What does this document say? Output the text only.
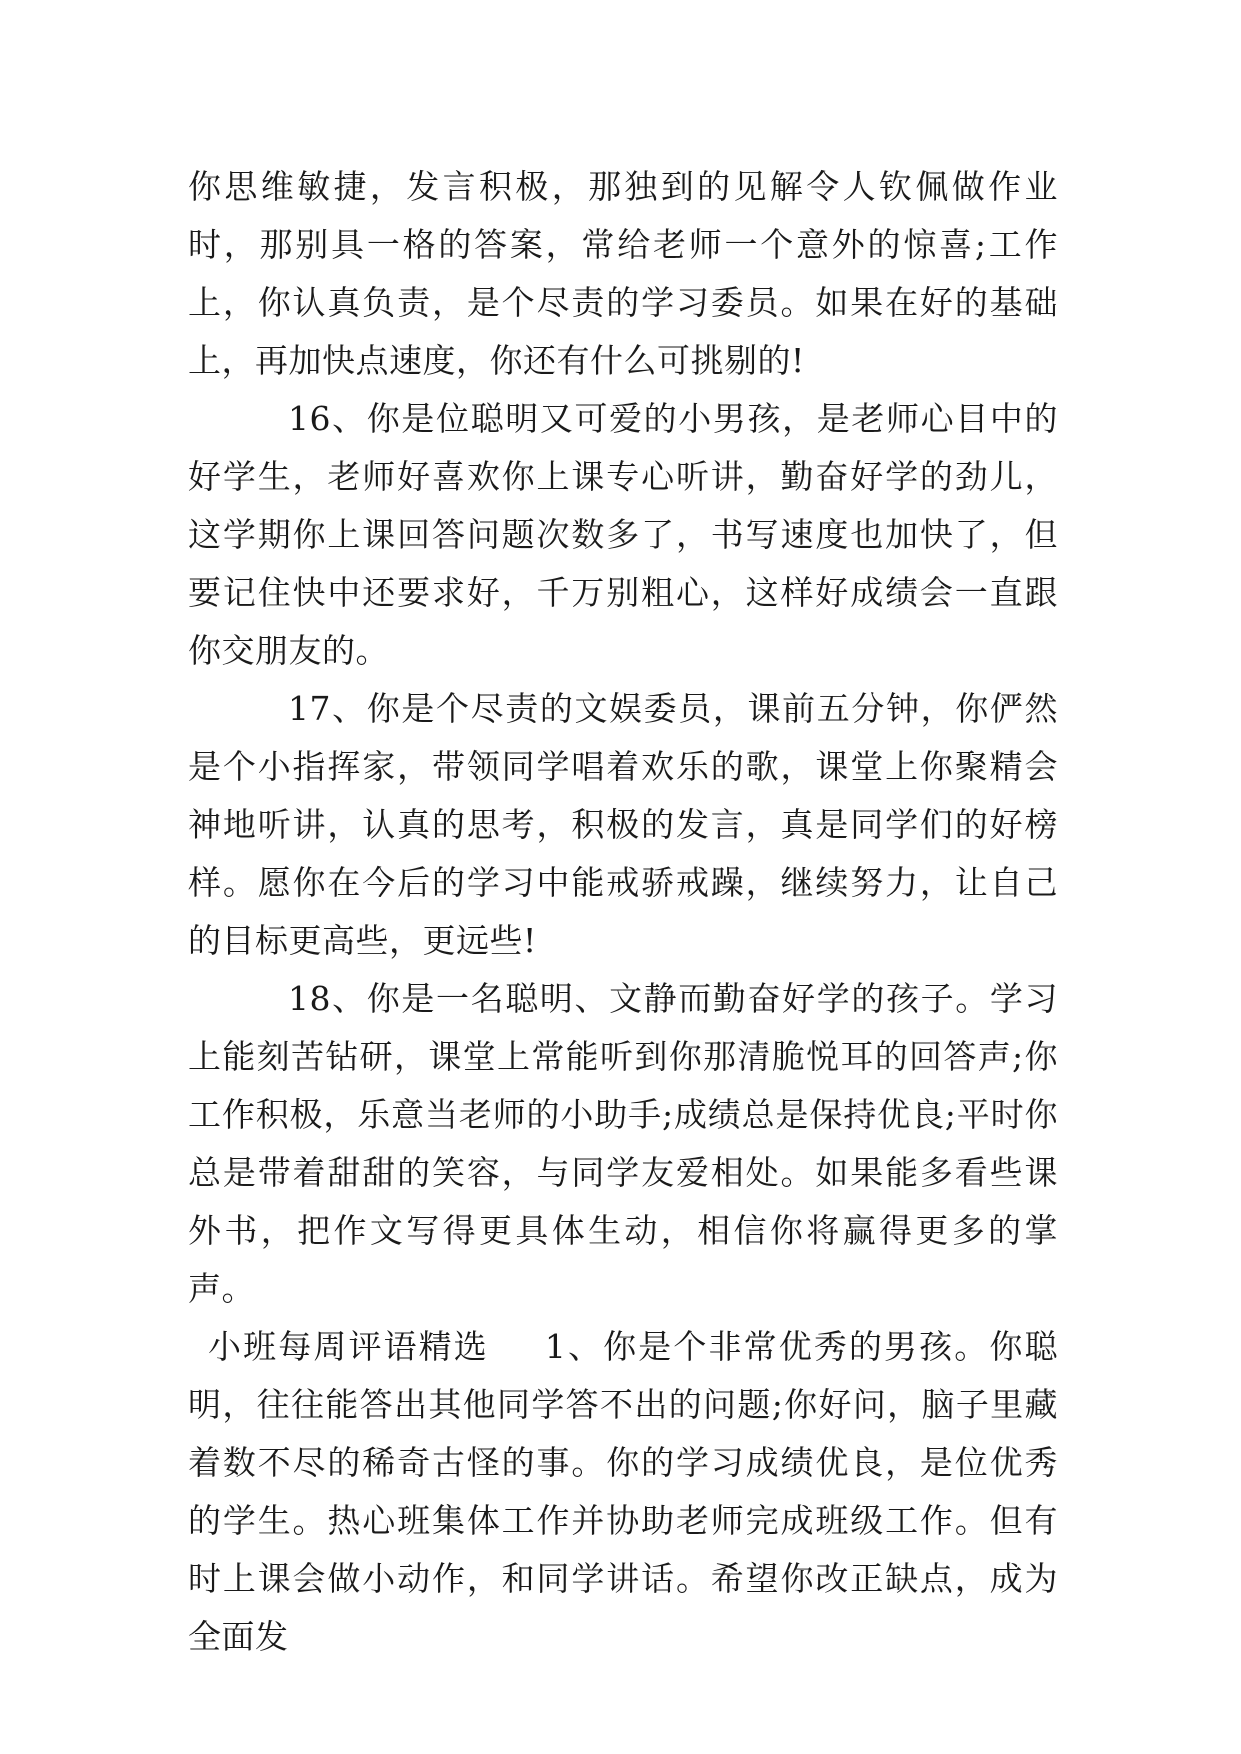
你思维敏捷，发言积极，那独到的见解令人钦佩做作业时，那别具一格的答案，常给老师一个意外的惊喜;工作上，你认真负责，是个尽责的学习委员。如果在好的基础上，再加快点速度，你还有什么可挑剔的!

16、你是位聪明又可爱的小男孩，是老师心目中的好学生，老师好喜欢你上课专心听讲，勤奋好学的劲儿，这学期你上课回答问题次数多了，书写速度也加快了，但要记住快中还要求好，千万别粗心，这样好成绩会一直跟你交朋友的。

17、你是个尽责的文娱委员，课前五分钟，你俨然是个小指挥家，带领同学唱着欢乐的歌，课堂上你聚精会神地听讲，认真的思考，积极的发言，真是同学们的好榜样。愿你在今后的学习中能戒骄戒躁，继续努力，让自己的目标更高些，更远些!

18、你是一名聪明、文静而勤奋好学的孩子。学习上能刻苦钻研，课堂上常能听到你那清脆悦耳的回答声;你工作积极，乐意当老师的小助手;成绩总是保持优良;平时你总是带着甜甜的笑容，与同学友爱相处。如果能多看些课外书，把作文写得更具体生动，相信你将赢得更多的掌声。

小班每周评语精选 1、你是个非常优秀的男孩。你聪明，往往能答出其他同学答不出的问题;你好问，脑子里藏着数不尽的稀奇古怪的事。你的学习成绩优良，是位优秀的学生。热心班集体工作并协助老师完成班级工作。但有时上课会做小动作，和同学讲话。希望你改正缺点，成为全面发
